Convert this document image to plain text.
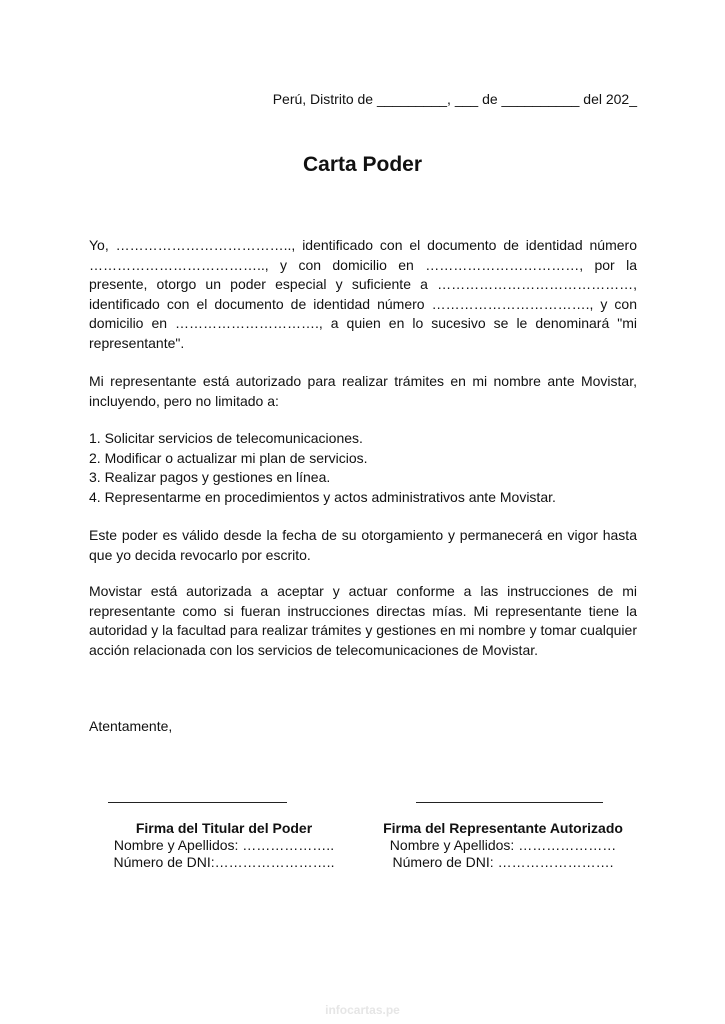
Perú, Distrito de _________, ___ de __________ del 202_
Carta Poder

Yo, ……………………………….., identificado con el documento de identidad número ……………………………….., y con domicilio en ……………………………, por la presente, otorgo un poder especial y suficiente a ……………………………………, identificado con el documento de identidad número ……………………………., y con domicilio en …………………………., a quien en lo sucesivo se le denominará "mi representante".

Mi representante está autorizado para realizar trámites en mi nombre ante Movistar, incluyendo, pero no limitado a:

1. Solicitar servicios de telecomunicaciones.
2. Modificar o actualizar mi plan de servicios.
3. Realizar pagos y gestiones en línea.
4. Representarme en procedimientos y actos administrativos ante Movistar.

Este poder es válido desde la fecha de su otorgamiento y permanecerá en vigor hasta que yo decida revocarlo por escrito.

Movistar está autorizada a aceptar y actuar conforme a las instrucciones de mi representante como si fueran instrucciones directas mías. Mi representante tiene la autoridad y la facultad para realizar trámites y gestiones en mi nombre y tomar cualquier acción relacionada con los servicios de telecomunicaciones de Movistar.

Atentamente,
Firma del Titular del Poder
Nombre y Apellidos: ………………..
Número de DNI:……………………..
Firma del Representante Autorizado
Nombre y Apellidos: …………………
Número de DNI: …………………….
infocartas.pe
